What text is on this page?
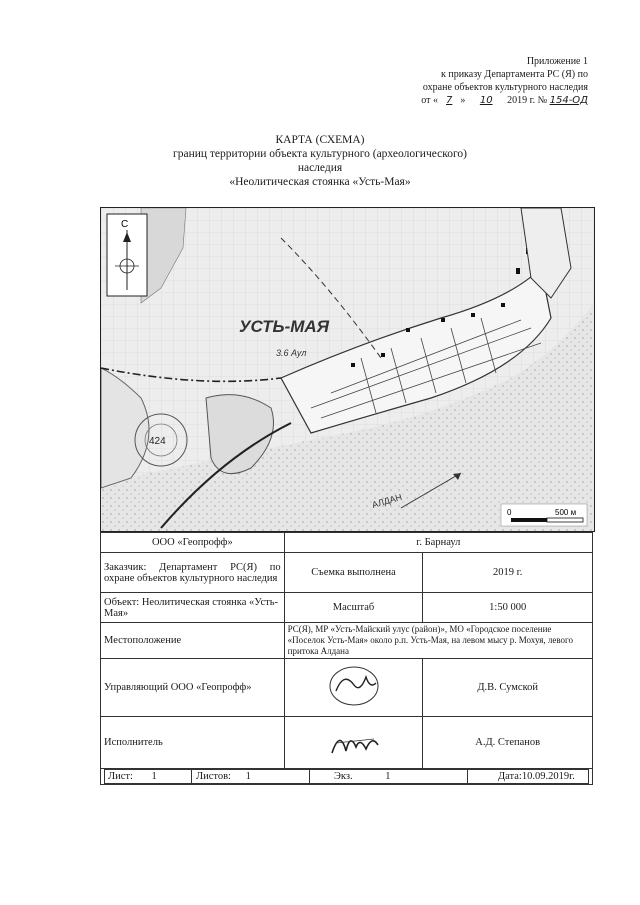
Приложение 1
к приказу Департамента РС (Я) по
охране объектов культурного наследия
от « 7 » 10 2019 г. № 154-ОД
КАРТА (СХЕМА)
границ территории объекта культурного (археологического)
наследия
«Неолитическая стоянка «Усть-Мая»
С
УСТЬ-МАЯ
3.6 Аул
424
АЛДАН
0	500 м
ООО «Геопрофф»	г. Барнаул
Заказчик: Департамент РС(Я) по охране объектов культурного наследия	Съемка выполнена	2019 г.
Объект: Неолитическая стоянка «Усть-Мая»	Масштаб	1:50 000
Местоположение	РС(Я), МР «Усть-Майский улус (район)», МО «Городское поселение «Поселок Усть-Мая» около р.п. Усть-Мая, на левом мысу р. Мохуя, левого притока Алдана
Управляющий ООО «Геопрофф»		Д.В. Сумской
Исполнитель		А.Д. Степанов

Лист: 1	Листов: 1	Экз.	1	Дата:10.09.2019г.
